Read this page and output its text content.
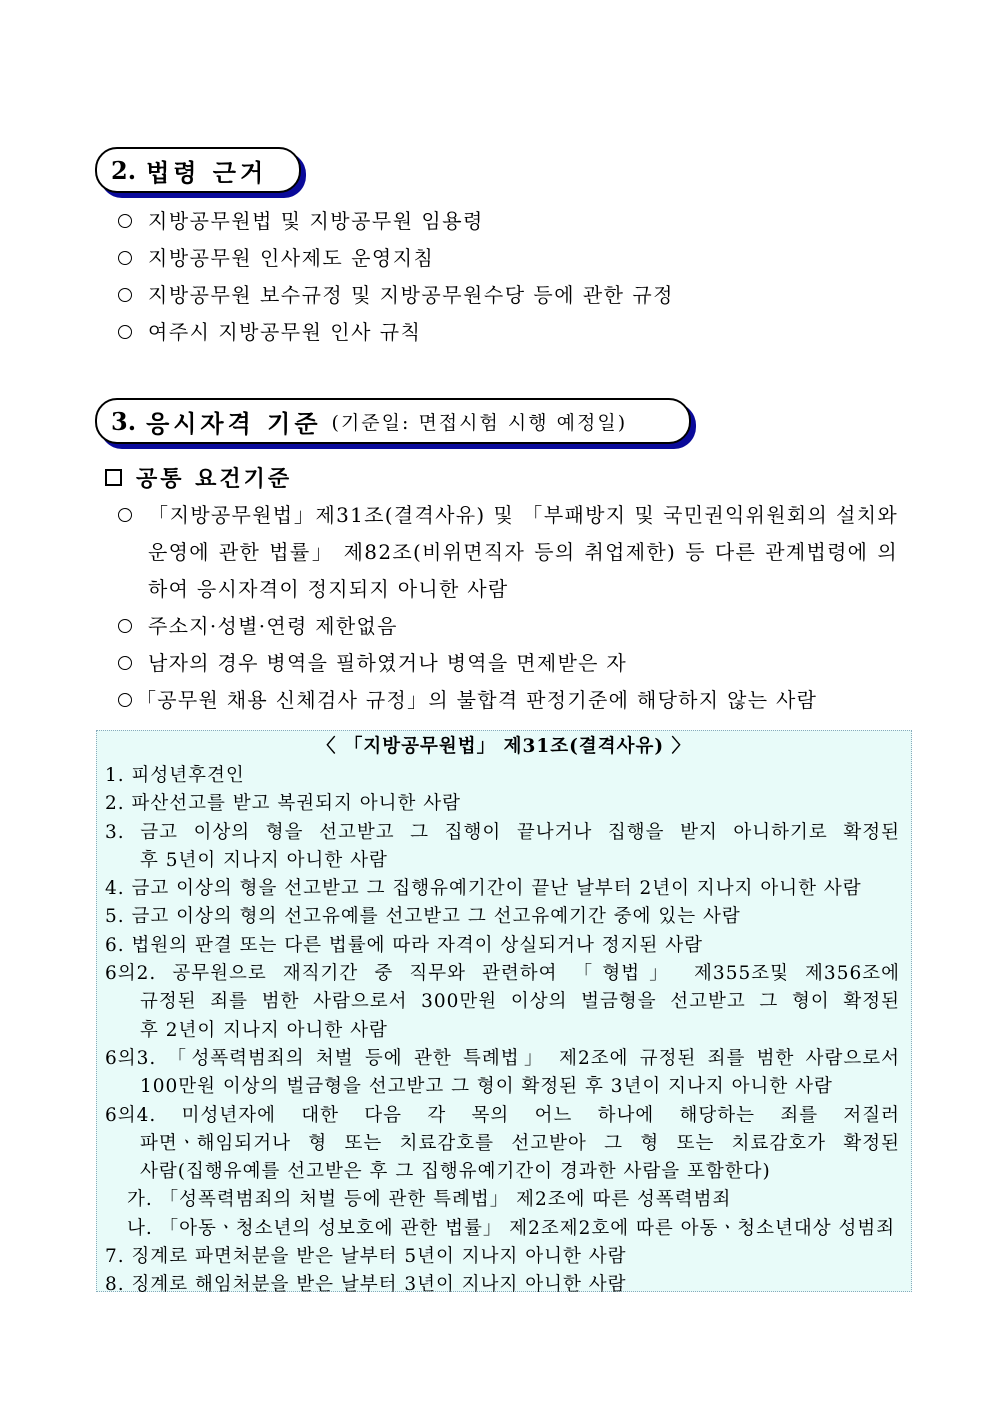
2. 법령 근거
지방공무원법 및 지방공무원 임용령
지방공무원 인사제도 운영지침
지방공무원 보수규정 및 지방공무원수당 등에 관한 규정
여주시 지방공무원 인사 규칙
3. 응시자격 기준 (기준일: 면접시험 시행 예정일)
공통 요건기준
「지방공무원법」제31조(결격사유) 및 「부패방지 및 국민권익위원회의 설치와 운영에 관한 법률」 제82조(비위면직자 등의 취업제한) 등 다른 관계법령에 의하여 응시자격이 정지되지 아니한 사람
주소지·성별·연령 제한없음
남자의 경우 병역을 필하였거나 병역을 면제받은 자
「공무원 채용 신체검사 규정」의 불합격 판정기준에 해당하지 않는 사람
〈 「지방공무원법」 제31조(결격사유) 〉
1. 피성년후견인
2. 파산선고를 받고 복권되지 아니한 사람
3. 금고 이상의 형을 선고받고 그 집행이 끝나거나 집행을 받지 아니하기로 확정된
후 5년이 지나지 아니한 사람
4. 금고 이상의 형을 선고받고 그 집행유예기간이 끝난 날부터 2년이 지나지 아니한 사람
5. 금고 이상의 형의 선고유예를 선고받고 그 선고유예기간 중에 있는 사람
6. 법원의 판결 또는 다른 법률에 따라 자격이 상실되거나 정지된 사람
6의2. 공무원으로 재직기간 중 직무와 관련하여 「형법」 제355조및 제356조에
규정된 죄를 범한 사람으로서 300만원 이상의 벌금형을 선고받고 그 형이 확정된
후 2년이 지나지 아니한 사람
6의3. 「성폭력범죄의 처벌 등에 관한 특례법」 제2조에 규정된 죄를 범한 사람으로서
100만원 이상의 벌금형을 선고받고 그 형이 확정된 후 3년이 지나지 아니한 사람
6의4. 미성년자에 대한 다음 각 목의 어느 하나에 해당하는 죄를 저질러
파면ㆍ해임되거나 형 또는 치료감호를 선고받아 그 형 또는 치료감호가 확정된
사람(집행유예를 선고받은 후 그 집행유예기간이 경과한 사람을 포함한다)
가. 「성폭력범죄의 처벌 등에 관한 특례법」 제2조에 따른 성폭력범죄
나. 「아동ㆍ청소년의 성보호에 관한 법률」 제2조제2호에 따른 아동ㆍ청소년대상 성범죄
7. 징계로 파면처분을 받은 날부터 5년이 지나지 아니한 사람
8. 징계로 해임처분을 받은 날부터 3년이 지나지 아니한 사람
